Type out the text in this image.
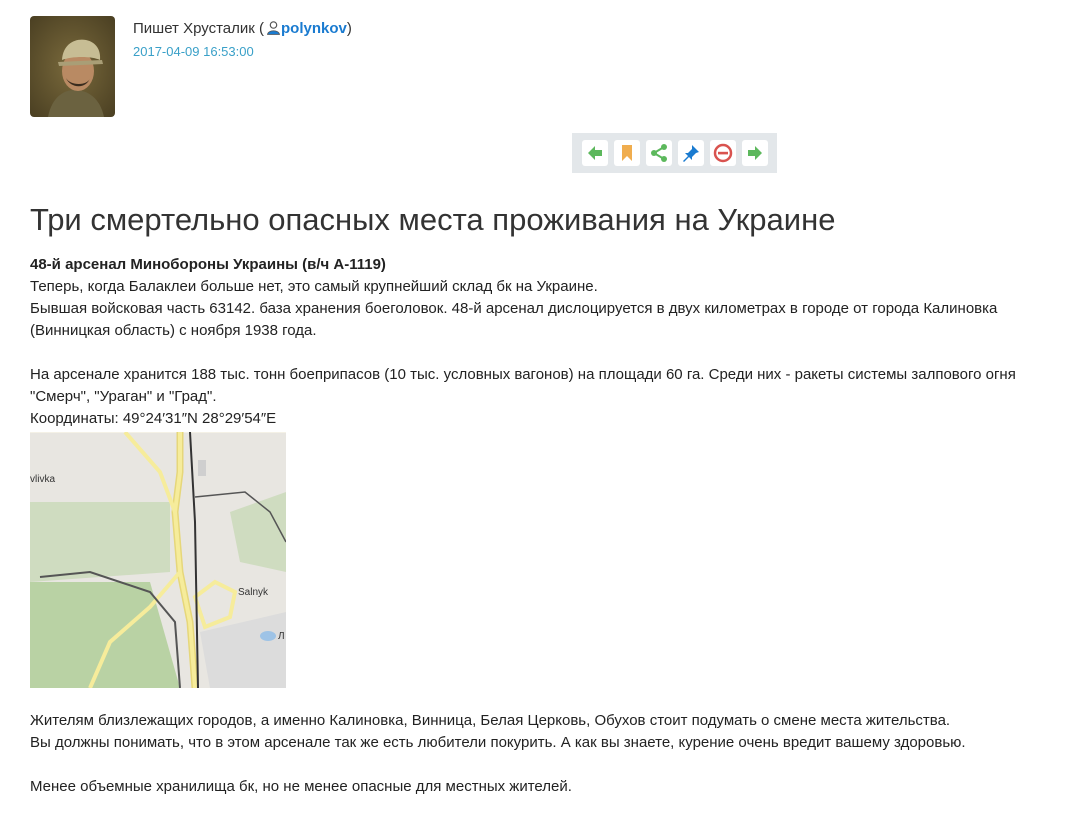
Пишет Хрусталик ( polynkov)
2017-04-09 16:53:00
Три смертельно опасных места проживания на Украине

48-й арсенал Минобороны Украины (в/ч А-1119)

Теперь, когда Балаклеи больше нет, это самый крупнейший склад бк на Украине.

Бывшая войсковая часть 63142. база хранения боеголовок. 48-й арсенал дислоцируется в двух километрах в городе от города Калиновка

(Винницкая область) с ноября 1938 года.

На арсенале хранится 188 тыс. тонн боеприпасов (10 тыс. условных вагонов) на площади 60 га. Среди них - ракеты системы залпового огня

"Смерч", "Ураган" и "Град".

Координаты: 49°24′31″N 28°29′54″E

vlivka
Salnyk
Л

Жителям близлежащих городов, а именно Калиновка, Винница, Белая Церковь, Обухов стоит подумать о смене места жительства.

Вы должны понимать, что в этом арсенале так же есть любители покурить. А как вы знаете, курение очень вредит вашему здоровью.

Менее объемные хранилища бк, но не менее опасные для местных жителей.
